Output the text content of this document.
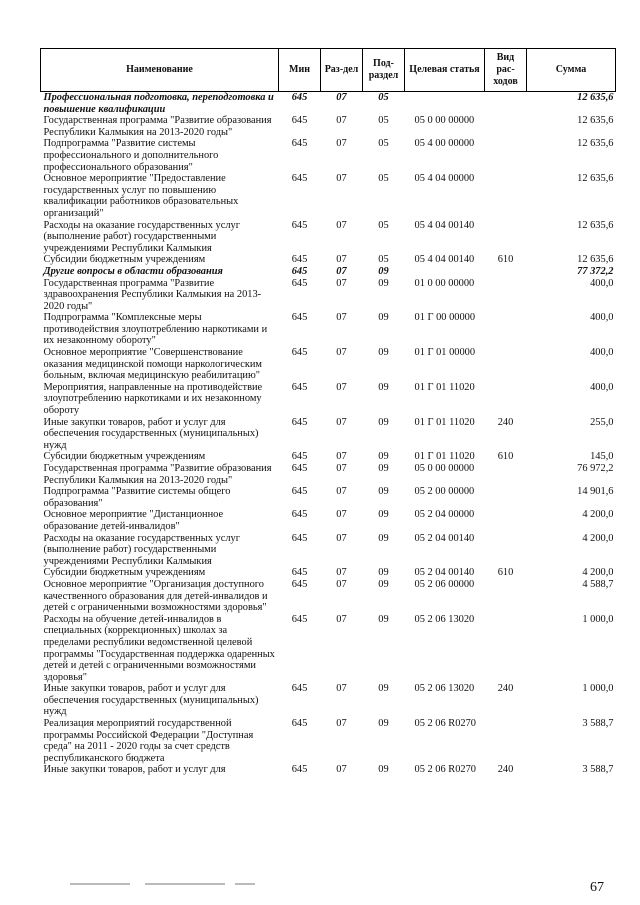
Наименование	Мин	Раз-дел	Под-раздел	Целевая статья	Вид рас-ходов	Сумма
Профессиональная подготовка, переподготовка и повышение квалификации	645	07	05			12 635,6
Государственная программа "Развитие образования Республики Калмыкия на 2013-2020 годы"	645	07	05	05 0 00 00000		12 635,6
Подпрограмма "Развитие системы профессионального и дополнительного профессионального образования"	645	07	05	05 4 00 00000		12 635,6
Основное мероприятие "Предоставление государственных услуг по повышению квалификации работников образовательных организаций"	645	07	05	05 4 04 00000		12 635,6
Расходы на оказание государственных услуг (выполнение работ) государственными учреждениями Республики Калмыкия	645	07	05	05 4 04 00140		12 635,6
Субсидии бюджетным учреждениям	645	07	05	05 4 04 00140	610	12 635,6
Другие вопросы в области образования	645	07	09			77 372,2
Государственная программа "Развитие здравоохранения Республики Калмыкия на 2013-2020 годы"	645	07	09	01 0 00 00000		400,0
Подпрограмма "Комплексные меры противодействия злоупотреблению наркотиками и их незаконному обороту"	645	07	09	01 Г 00 00000		400,0
Основное мероприятие "Совершенствование оказания медицинской помощи наркологическим больным, включая медицинскую реабилитацию"	645	07	09	01 Г 01 00000		400,0
Мероприятия, направленные на противодействие злоупотреблению наркотиками и их незаконному обороту	645	07	09	01 Г 01 11020		400,0
Иные закупки товаров, работ и услуг для обеспечения государственных (муниципальных) нужд	645	07	09	01 Г 01 11020	240	255,0
Субсидии бюджетным учреждениям	645	07	09	01 Г 01 11020	610	145,0
Государственная программа "Развитие образования Республики Калмыкия на 2013-2020 годы"	645	07	09	05 0 00 00000		76 972,2
Подпрограмма "Развитие системы общего образования"	645	07	09	05 2 00 00000		14 901,6
Основное мероприятие "Дистанционное образование детей-инвалидов"	645	07	09	05 2 04 00000		4 200,0
Расходы на оказание государственных услуг (выполнение работ) государственными учреждениями Республики Калмыкия	645	07	09	05 2 04 00140		4 200,0
Субсидии бюджетным учреждениям	645	07	09	05 2 04 00140	610	4 200,0
Основное мероприятие "Организация доступного качественного образования для детей-инвалидов и детей с ограниченными возможностями здоровья"	645	07	09	05 2 06 00000		4 588,7
Расходы на обучение детей-инвалидов в специальных (коррекционных) школах за пределами республики ведомственной целевой программы "Государственная поддержка одаренных детей и детей с ограниченными возможностями здоровья"	645	07	09	05 2 06 13020		1 000,0
Иные закупки товаров, работ и услуг для обеспечения государственных (муниципальных) нужд	645	07	09	05 2 06 13020	240	1 000,0
Реализация мероприятий государственной программы Российской Федерации "Доступная среда" на 2011 - 2020 годы за счет средств республиканского бюджета	645	07	09	05 2 06 R0270		3 588,7
Иные закупки товаров, работ и услуг для	645	07	09	05 2 06 R0270	240	3 588,7
67
